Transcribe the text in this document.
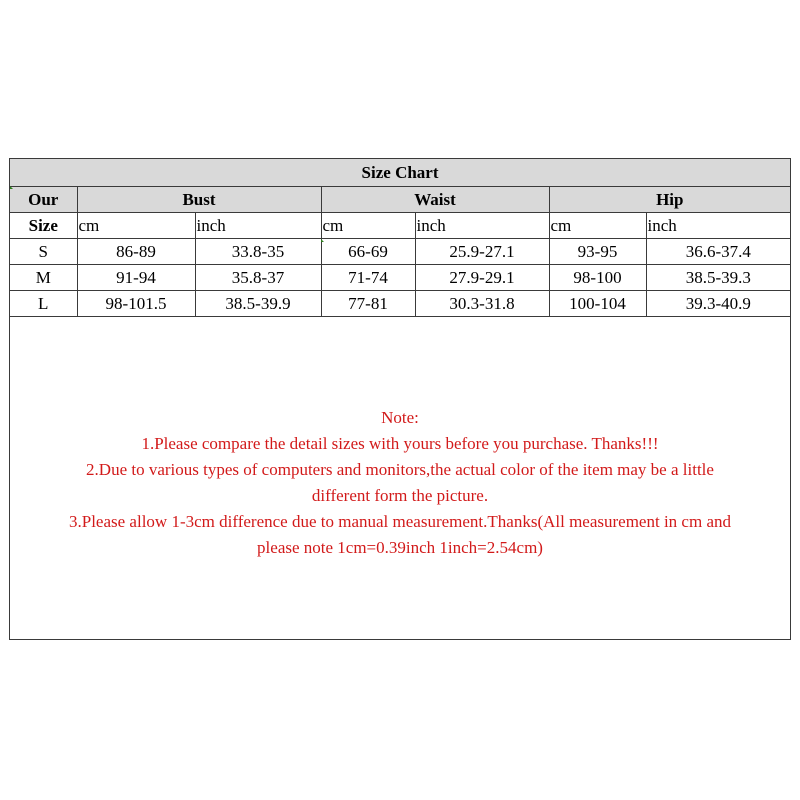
Size Chart						
Our	Bust		Waist		Hip	
Size	cm	inch	cm	inch	cm	inch
S	86-89	33.8-35	66-69	25.9-27.1	93-95	36.6-37.4
M	91-94	35.8-37	71-74	27.9-29.1	98-100	38.5-39.3
L	98-101.5	38.5-39.9	77-81	30.3-31.8	100-104	39.3-40.9
Note:
1.Please compare the detail sizes with yours before you purchase. Thanks!!!
2.Due to various types of computers and monitors,the actual color of the item may be a little
different form the picture.
3.Please allow 1-3cm difference due to manual measurement.Thanks(All measurement in cm and
please note 1cm=0.39inch 1inch=2.54cm)
